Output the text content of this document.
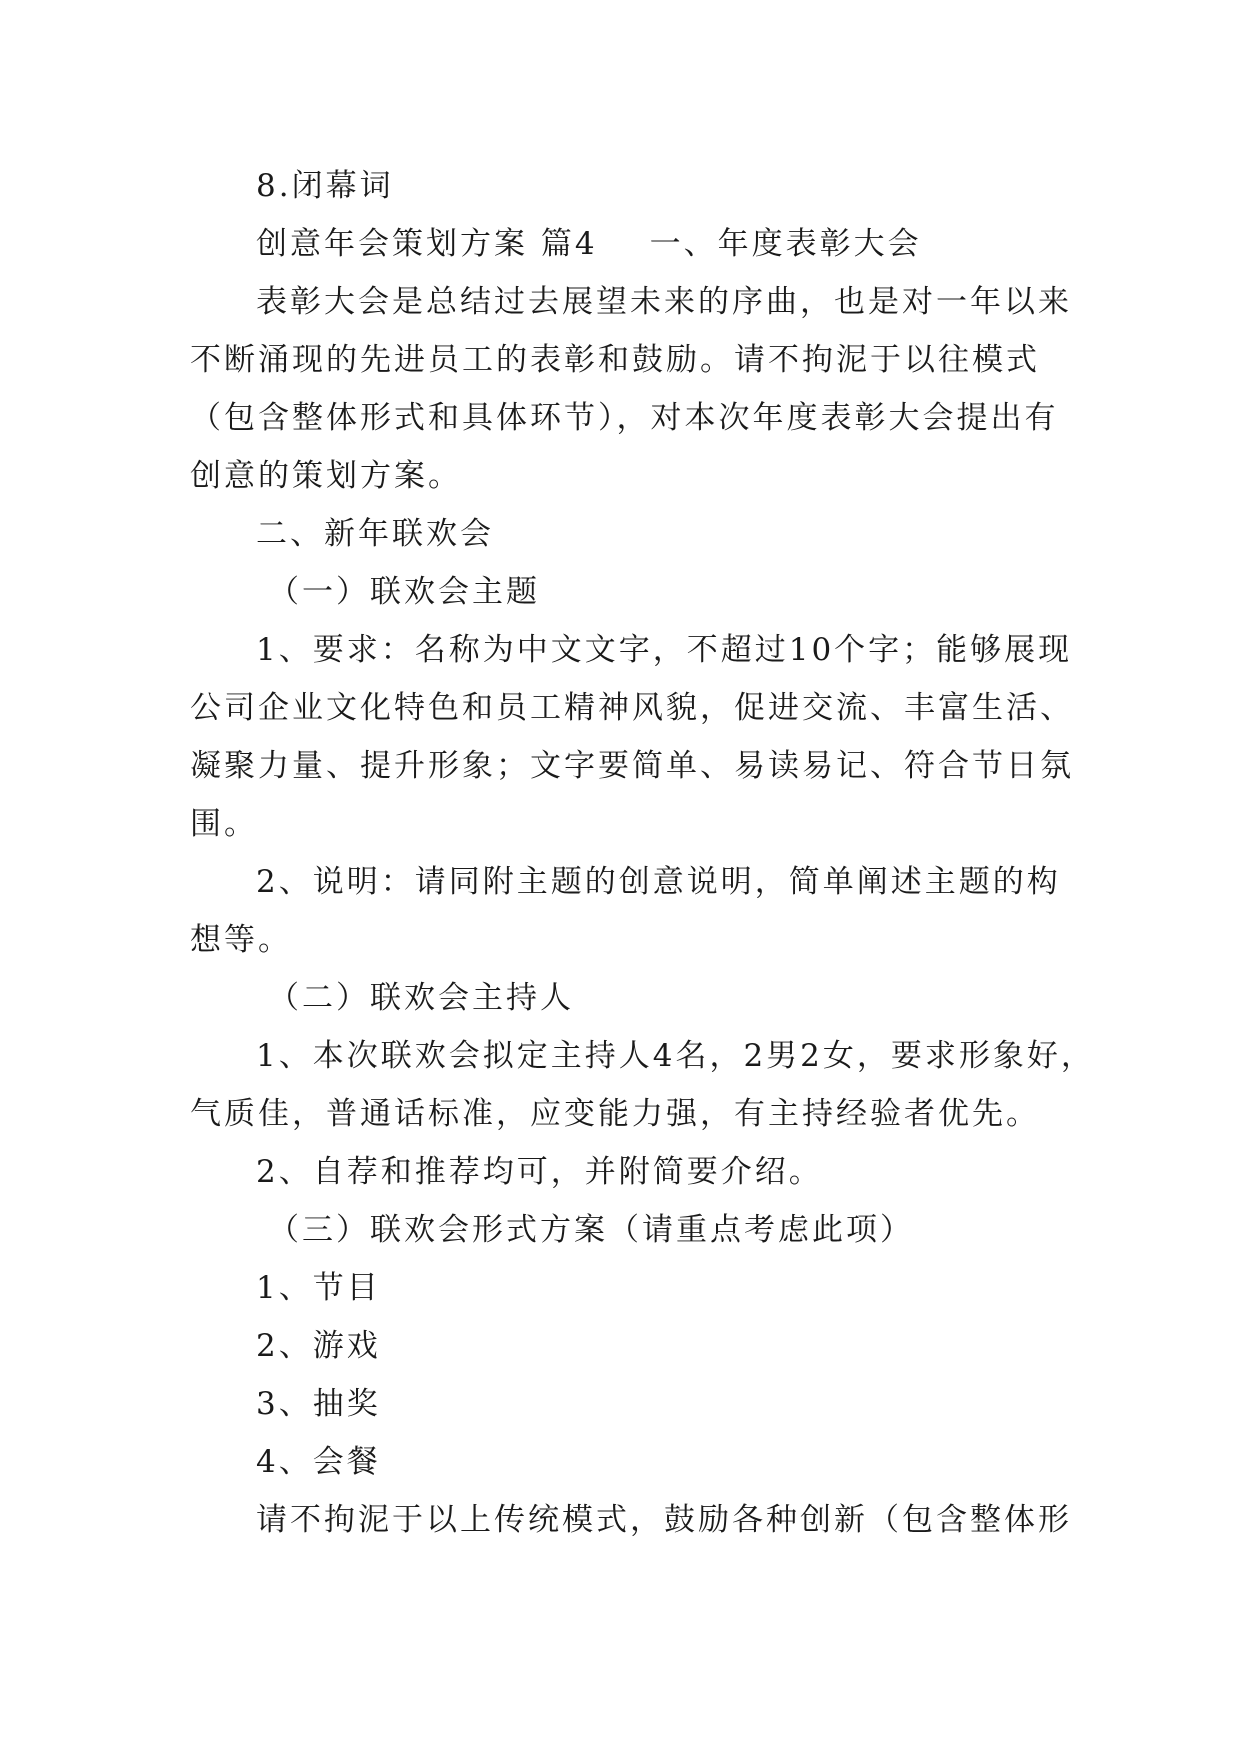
8.闭幕词
创意年会策划方案 篇4 一、年度表彰大会
表彰大会是总结过去展望未来的序曲，也是对一年以来
不断涌现的先进员工的表彰和鼓励。请不拘泥于以往模式
（包含整体形式和具体环节），对本次年度表彰大会提出有
创意的策划方案。
二、新年联欢会
（一）联欢会主题
1、要求：名称为中文文字，不超过10个字；能够展现
公司企业文化特色和员工精神风貌，促进交流、丰富生活、
凝聚力量、提升形象；文字要简单、易读易记、符合节日氛
围。
2、说明：请同附主题的创意说明，简单阐述主题的构
想等。
（二）联欢会主持人
1、本次联欢会拟定主持人4名，2男2女，要求形象好，
气质佳，普通话标准，应变能力强，有主持经验者优先。
2、自荐和推荐均可，并附简要介绍。
（三）联欢会形式方案（请重点考虑此项）
1、节目
2、游戏
3、抽奖
4、会餐
请不拘泥于以上传统模式，鼓励各种创新（包含整体形
